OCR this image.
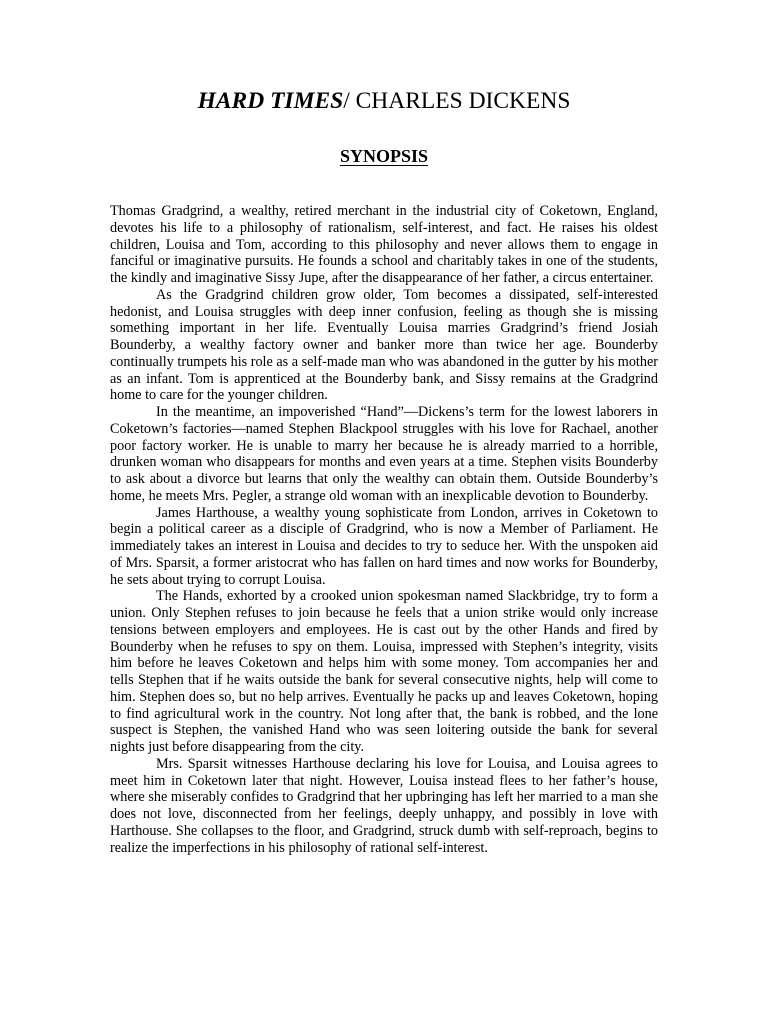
HARD TIMES/ CHARLES DICKENS
SYNOPSIS

Thomas Gradgrind, a wealthy, retired merchant in the industrial city of Coketown, England, devotes his life to a philosophy of rationalism, self-interest, and fact. He raises his oldest children, Louisa and Tom, according to this philosophy and never allows them to engage in fanciful or imaginative pursuits. He founds a school and charitably takes in one of the students, the kindly and imaginative Sissy Jupe, after the disappearance of her father, a circus entertainer.

As the Gradgrind children grow older, Tom becomes a dissipated, self-interested hedonist, and Louisa struggles with deep inner confusion, feeling as though she is missing something important in her life. Eventually Louisa marries Gradgrind’s friend Josiah Bounderby, a wealthy factory owner and banker more than twice her age. Bounderby continually trumpets his role as a self-made man who was abandoned in the gutter by his mother as an infant. Tom is apprenticed at the Bounderby bank, and Sissy remains at the Gradgrind home to care for the younger children.

In the meantime, an impoverished “Hand”—Dickens’s term for the lowest laborers in Coketown’s factories—named Stephen Blackpool struggles with his love for Rachael, another poor factory worker. He is unable to marry her because he is already married to a horrible, drunken woman who disappears for months and even years at a time. Stephen visits Bounderby to ask about a divorce but learns that only the wealthy can obtain them. Outside Bounderby’s home, he meets Mrs. Pegler, a strange old woman with an inexplicable devotion to Bounderby.

James Harthouse, a wealthy young sophisticate from London, arrives in Coketown to begin a political career as a disciple of Gradgrind, who is now a Member of Parliament. He immediately takes an interest in Louisa and decides to try to seduce her. With the unspoken aid of Mrs. Sparsit, a former aristocrat who has fallen on hard times and now works for Bounderby, he sets about trying to corrupt Louisa.

The Hands, exhorted by a crooked union spokesman named Slackbridge, try to form a union. Only Stephen refuses to join because he feels that a union strike would only increase tensions between employers and employees. He is cast out by the other Hands and fired by Bounderby when he refuses to spy on them. Louisa, impressed with Stephen’s integrity, visits him before he leaves Coketown and helps him with some money. Tom accompanies her and tells Stephen that if he waits outside the bank for several consecutive nights, help will come to him. Stephen does so, but no help arrives. Eventually he packs up and leaves Coketown, hoping to find agricultural work in the country. Not long after that, the bank is robbed, and the lone suspect is Stephen, the vanished Hand who was seen loitering outside the bank for several nights just before disappearing from the city.

Mrs. Sparsit witnesses Harthouse declaring his love for Louisa, and Louisa agrees to meet him in Coketown later that night. However, Louisa instead flees to her father’s house, where she miserably confides to Gradgrind that her upbringing has left her married to a man she does not love, disconnected from her feelings, deeply unhappy, and possibly in love with Harthouse. She collapses to the floor, and Gradgrind, struck dumb with self-reproach, begins to realize the imperfections in his philosophy of rational self-interest.
